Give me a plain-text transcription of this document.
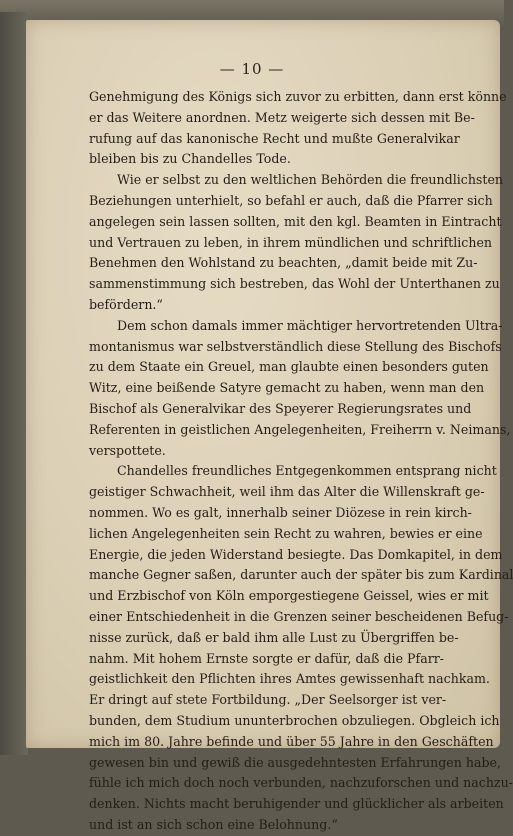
— 10 —
Genehmigung des Königs sich zuvor zu erbitten, dann erst könne
er das Weitere anordnen. Metz weigerte sich dessen mit Be-
rufung auf das kanonische Recht und mußte Generalvikar
bleiben bis zu Chandelles Tode.
Wie er selbst zu den weltlichen Behörden die freundlichsten
Beziehungen unterhielt, so befahl er auch, daß die Pfarrer sich
angelegen sein lassen sollten, mit den kgl. Beamten in Eintracht
und Vertrauen zu leben, in ihrem mündlichen und schriftlichen
Benehmen den Wohlstand zu beachten, „damit beide mit Zu-
sammenstimmung sich bestreben, das Wohl der Unterthanen zu
befördern.“
Dem schon damals immer mächtiger hervortretenden Ultra-
montanismus war selbstverständlich diese Stellung des Bischofs
zu dem Staate ein Greuel, man glaubte einen besonders guten
Witz, eine beißende Satyre gemacht zu haben, wenn man den
Bischof als Generalvikar des Speyerer Regierungsrates und
Referenten in geistlichen Angelegenheiten, Freiherrn v. Neimans,
verspottete.
Chandelles freundliches Entgegenkommen entsprang nicht
geistiger Schwachheit, weil ihm das Alter die Willenskraft ge-
nommen. Wo es galt, innerhalb seiner Diözese in rein kirch-
lichen Angelegenheiten sein Recht zu wahren, bewies er eine
Energie, die jeden Widerstand besiegte. Das Domkapitel, in dem
manche Gegner saßen, darunter auch der später bis zum Kardinal
und Erzbischof von Köln emporgestiegene Geissel, wies er mit
einer Entschiedenheit in die Grenzen seiner bescheidenen Befug-
nisse zurück, daß er bald ihm alle Lust zu Übergriffen be-
nahm. Mit hohem Ernste sorgte er dafür, daß die Pfarr-
geistlichkeit den Pflichten ihres Amtes gewissenhaft nachkam.
Er dringt auf stete Fortbildung. „Der Seelsorger ist ver-
bunden, dem Studium ununterbrochen obzuliegen. Obgleich ich
mich im 80. Jahre befinde und über 55 Jahre in den Geschäften
gewesen bin und gewiß die ausgedehntesten Erfahrungen habe,
fühle ich mich doch noch verbunden, nachzuforschen und nachzu-
denken. Nichts macht beruhigender und glücklicher als arbeiten
und ist an sich schon eine Belohnung.“
